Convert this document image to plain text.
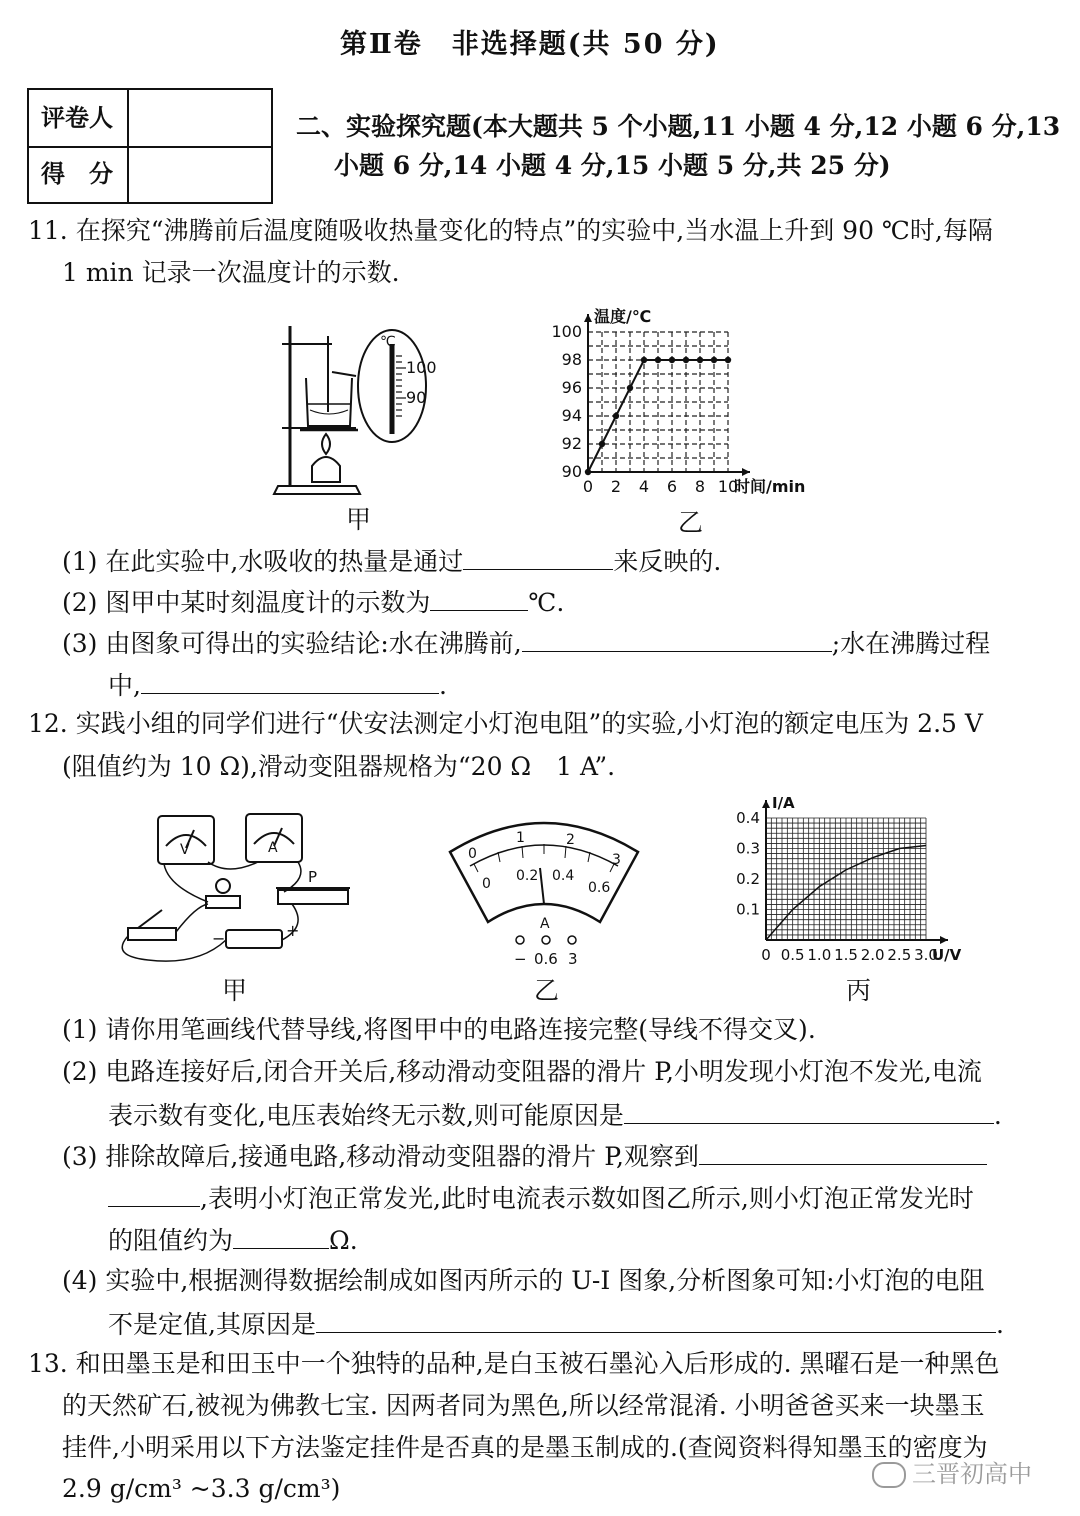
第Ⅱ卷　非选择题(共 50 分)
评卷人
得　分
二、实验探究题(本大题共 5 个小题,11 小题 4 分,12 小题 6 分,13
小题 6 分,14 小题 4 分,15 小题 5 分,共 25 分)
11. 在探究“沸腾前后温度随吸收热量变化的特点”的实验中,当水温上升到 90 ℃时,每隔
1 min 记录一次温度计的示数.
℃
100
90
甲
0 2 4 6 8 10
90
92
94
96
98
100
时间/min
温度/℃
乙
(1) 在此实验中,水吸收的热量是通过	来反映的.
(2) 图甲中某时刻温度计的示数为	℃.
(3) 由图象可得出的实验结论:水在沸腾前,	;水在沸腾过程
中,	.
12. 实践小组的同学们进行“伏安法测定小灯泡电阻”的实验,小灯泡的额定电压为 2.5 V
(阻值约为 10 Ω),滑动变阻器规格为“20 Ω　1 A”.
V	A
P
−	+
甲
0
1	2
3
0 0.2 0.4
0.6
A
− 0.6 3
乙
0 0.5 1.0 1.5 2.0 2.5 3.0
0.1
0.2
0.3
0.4
U/V
I/A
丙
(1) 请你用笔画线代替导线,将图甲中的电路连接完整(导线不得交叉).
(2) 电路连接好后,闭合开关后,移动滑动变阻器的滑片 P,小明发现小灯泡不发光,电流
表示数有变化,电压表始终无示数,则可能原因是	.
(3) 排除故障后,接通电路,移动滑动变阻器的滑片 P,观察到
,表明小灯泡正常发光,此时电流表示数如图乙所示,则小灯泡正常发光时
的阻值约为	Ω.
(4) 实验中,根据测得数据绘制成如图丙所示的 U-I 图象,分析图象可知:小灯泡的电阻
不是定值,其原因是	.
13. 和田墨玉是和田玉中一个独特的品种,是白玉被石墨沁入后形成的. 黑曜石是一种黑色
的天然矿石,被视为佛教七宝. 因两者同为黑色,所以经常混淆. 小明爸爸买来一块墨玉
挂件,小明采用以下方法鉴定挂件是否真的是墨玉制成的.(查阅资料得知墨玉的密度为
2.9 g/cm³ ~3.3 g/cm³)	三晋初高中
